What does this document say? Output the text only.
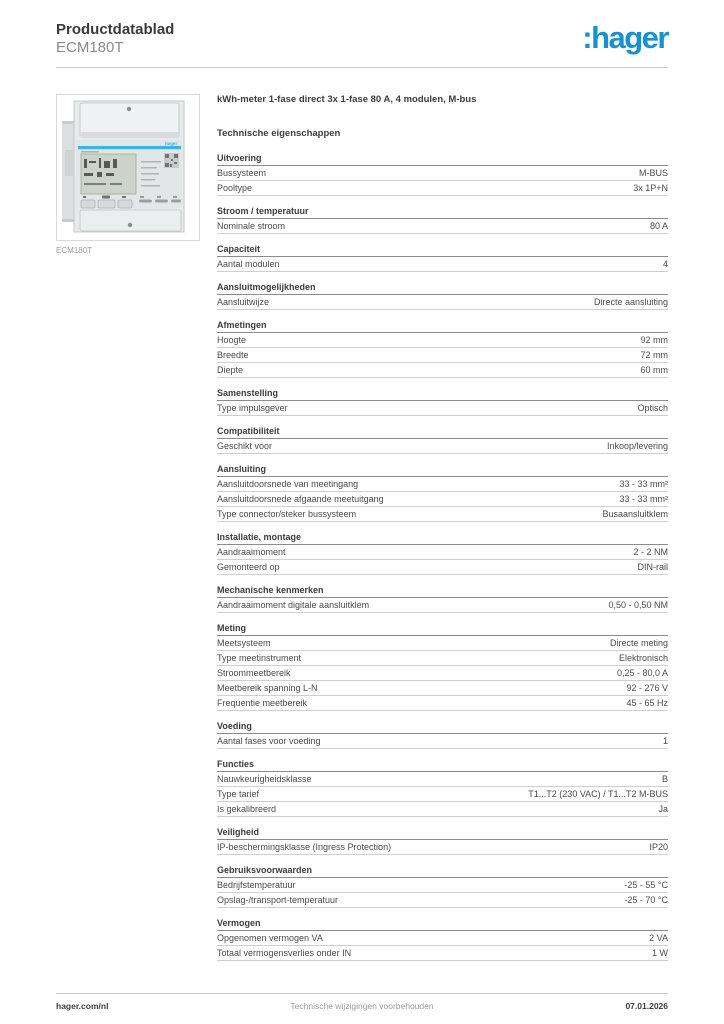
Productdatablad
ECM180T	:hager
hager
ECM180T
kWh-meter 1-fase direct 3x 1-fase 80 A, 4 modulen, M-bus
Technische eigenschappen
Uitvoering
Bussysteem	M-BUS
Pooltype	3x 1P+N
Stroom / temperatuur
Nominale stroom	80 A
Capaciteit
Aantal modulen	4
Aansluitmogelijkheden
Aansluitwijze	Directe aansluiting
Afmetingen
Hoogte	92 mm
Breedte	72 mm
Diepte	60 mm
Samenstelling
Type impulsgever	Optisch
Compatibiliteit
Geschikt voor	Inkoop/levering
Aansluiting
Aansluitdoorsnede van meetingang	33 - 33 mm²
Aansluitdoorsnede afgaande meetuitgang	33 - 33 mm²
Type connector/steker bussysteem	Busaansluitklem
Installatie, montage
Aandraaimoment	2 - 2 NM
Gemonteerd op	DIN-rail
Mechanische kenmerken
Aandraaimoment digitale aansluitklem	0,50 - 0,50 NM
Meting
Meetsysteem	Directe meting
Type meetinstrument	Elektronisch
Stroommeetbereik	0,25 - 80,0 A
Meetbereik spanning L-N	92 - 276 V
Frequentie meetbereik	45 - 65 Hz
Voeding
Aantal fases voor voeding	1
Functies
Nauwkeurigheidsklasse	B
Type tarief	T1...T2 (230 VAC) / T1...T2 M-BUS
Is gekalibreerd	Ja
Veiligheid
IP-beschermingsklasse (Ingress Protection)	IP20
Gebruiksvoorwaarden
Bedrijfstemperatuur	-25 - 55 °C
Opslag-/transport-temperatuur	-25 - 70 °C
Vermogen
Opgenomen vermogen VA	2 VA
Totaal vermogensverlies onder IN	1 W
hager.com/nl	Technische wijzigingen voorbehouden	07.01.2026
